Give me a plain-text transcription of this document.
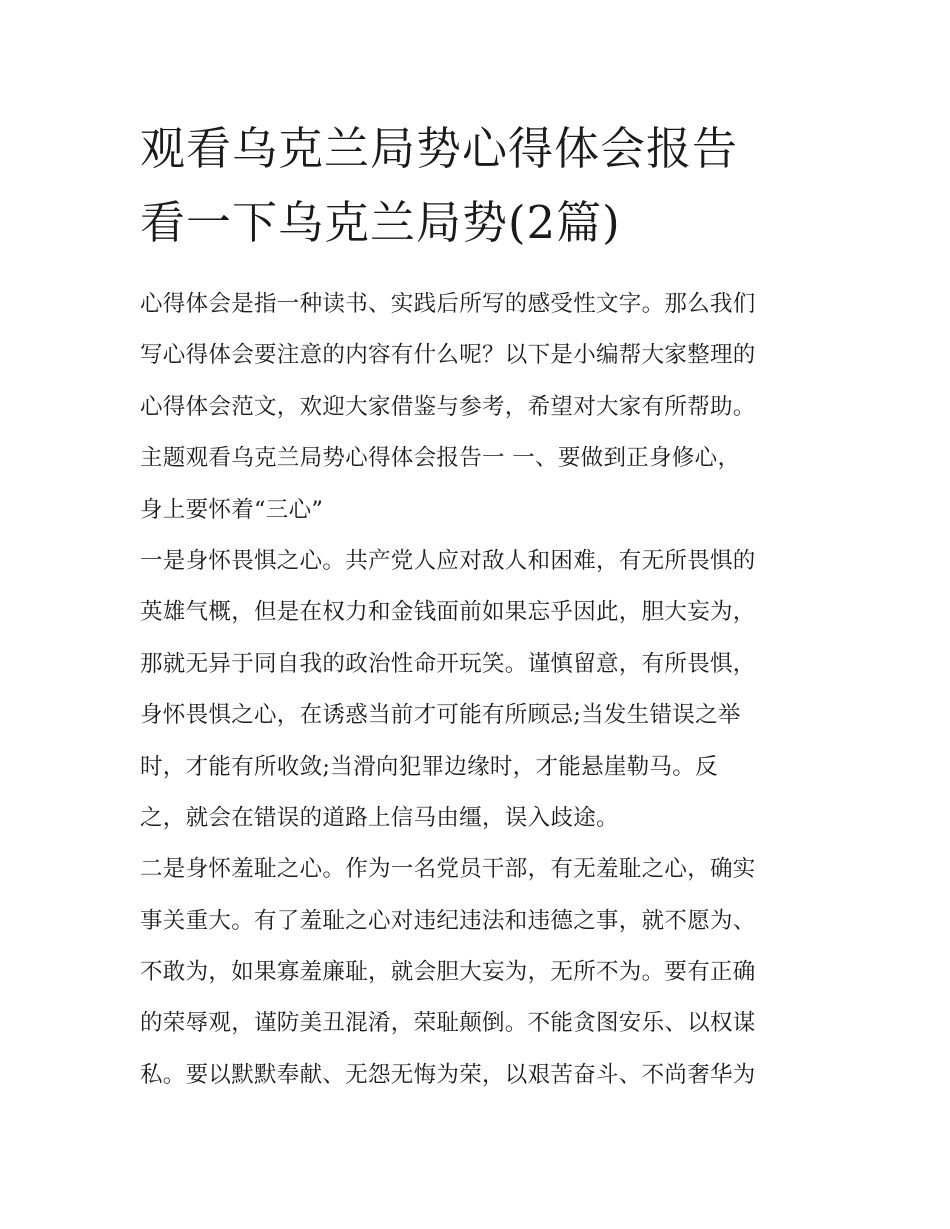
观看乌克兰局势心得体会报告
看一下乌克兰局势(2篇)
心得体会是指一种读书、实践后所写的感受性文字。那么我们
写心得体会要注意的内容有什么呢？以下是小编帮大家整理的
心得体会范文，欢迎大家借鉴与参考，希望对大家有所帮助。
主题观看乌克兰局势心得体会报告一 一、要做到正身修心，
身上要怀着“三心”
一是身怀畏惧之心。共产党人应对敌人和困难，有无所畏惧的
英雄气概，但是在权力和金钱面前如果忘乎因此，胆大妄为，
那就无异于同自我的政治性命开玩笑。谨慎留意，有所畏惧，
身怀畏惧之心，在诱惑当前才可能有所顾忌;当发生错误之举
时，才能有所收敛;当滑向犯罪边缘时，才能悬崖勒马。反
之，就会在错误的道路上信马由缰，误入歧途。
二是身怀羞耻之心。作为一名党员干部，有无羞耻之心，确实
事关重大。有了羞耻之心对违纪违法和违德之事，就不愿为、
不敢为，如果寡羞廉耻，就会胆大妄为，无所不为。要有正确
的荣辱观，谨防美丑混淆，荣耻颠倒。不能贪图安乐、以权谋
私。要以默默奉献、无怨无悔为荣，以艰苦奋斗、不尚奢华为
